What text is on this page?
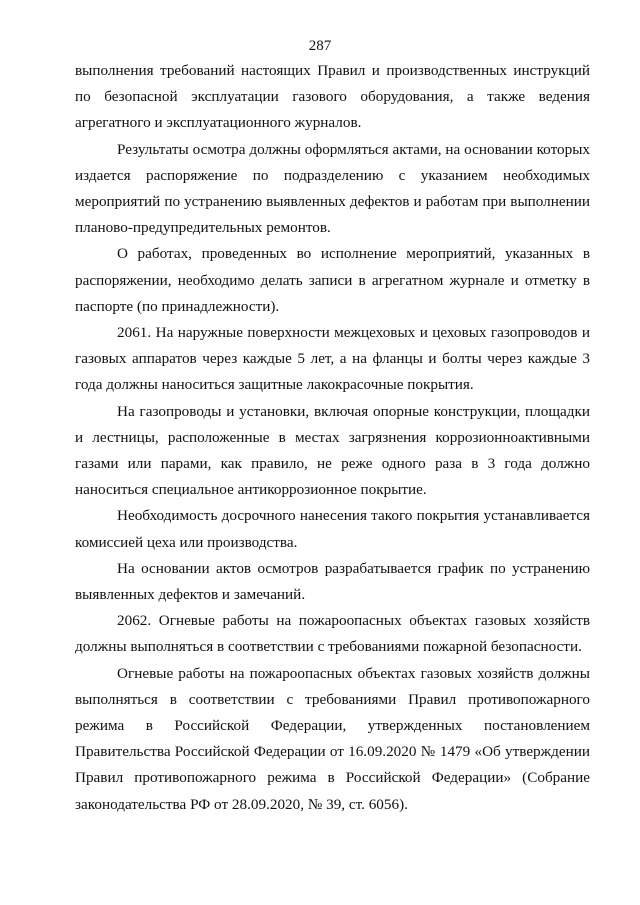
287

выполнения требований настоящих Правил и производственных инструкций по безопасной эксплуатации газового оборудования, а также ведения агрегатного и эксплуатационного журналов.

Результаты осмотра должны оформляться актами, на основании которых издается распоряжение по подразделению с указанием необходимых мероприятий по устранению выявленных дефектов и работам при выполнении планово-предупредительных ремонтов.

О работах, проведенных во исполнение мероприятий, указанных в распоряжении, необходимо делать записи в агрегатном журнале и отметку в паспорте (по принадлежности).

2061. На наружные поверхности межцеховых и цеховых газопроводов и газовых аппаратов через каждые 5 лет, а на фланцы и болты через каждые 3 года должны наноситься защитные лакокрасочные покрытия.

На газопроводы и установки, включая опорные конструкции, площадки и лестницы, расположенные в местах загрязнения коррозионноактивными газами или парами, как правило, не реже одного раза в 3 года должно наноситься специальное антикоррозионное покрытие.

Необходимость досрочного нанесения такого покрытия устанавливается комиссией цеха или производства.

На основании актов осмотров разрабатывается график по устранению выявленных дефектов и замечаний.

2062. Огневые работы на пожароопасных объектах газовых хозяйств должны выполняться в соответствии с требованиями пожарной безопасности.

Огневые работы на пожароопасных объектах газовых хозяйств должны выполняться в соответствии с требованиями Правил противопожарного режима в Российской Федерации, утвержденных постановлением Правительства Российской Федерации от 16.09.2020 № 1479 «Об утверждении Правил противопожарного режима в Российской Федерации» (Собрание законодательства РФ от 28.09.2020, № 39, ст. 6056).
